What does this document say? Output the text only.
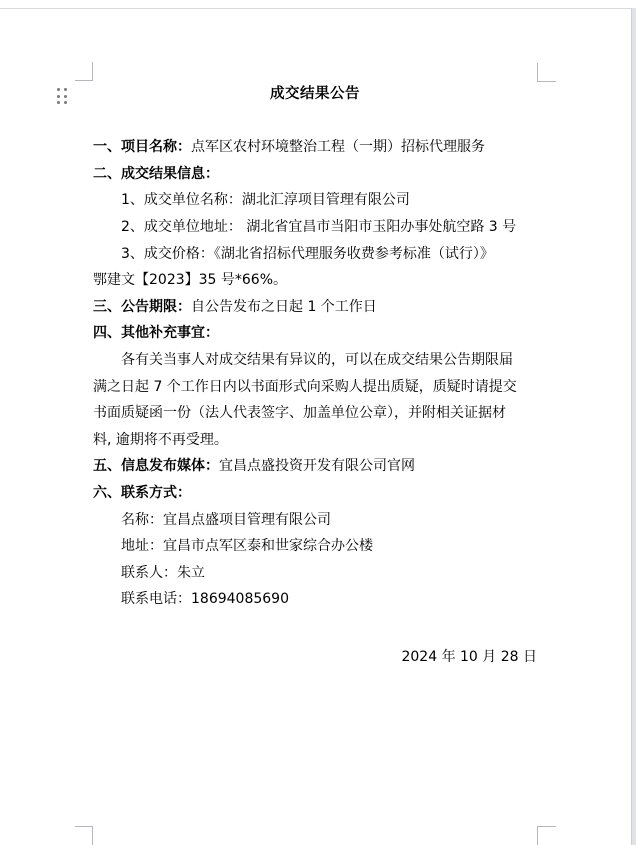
成交结果公告
一、项目名称：点军区农村环境整治工程（一期）招标代理服务
二、成交结果信息：
1、成交单位名称：湖北汇淳项目管理有限公司
2、成交单位地址： 湖北省宜昌市当阳市玉阳办事处航空路 3 号
3、成交价格：《湖北省招标代理服务收费参考标准（试行）》
鄂建文【2023】35 号*66%。
三、公告期限：自公告发布之日起 1 个工作日
四、其他补充事宜：
各有关当事人对成交结果有异议的，可以在成交结果公告期限届
满之日起 7 个工作日内以书面形式向采购人提出质疑，质疑时请提交
书面质疑函一份（法人代表签字、加盖单位公章），并附相关证据材
料, 逾期将不再受理。
五、信息发布媒体：宜昌点盛投资开发有限公司官网
六、联系方式：
名称：宜昌点盛项目管理有限公司
地址：宜昌市点军区泰和世家综合办公楼
联系人：朱立
联系电话：18694085690
2024 年 10 月 28 日
